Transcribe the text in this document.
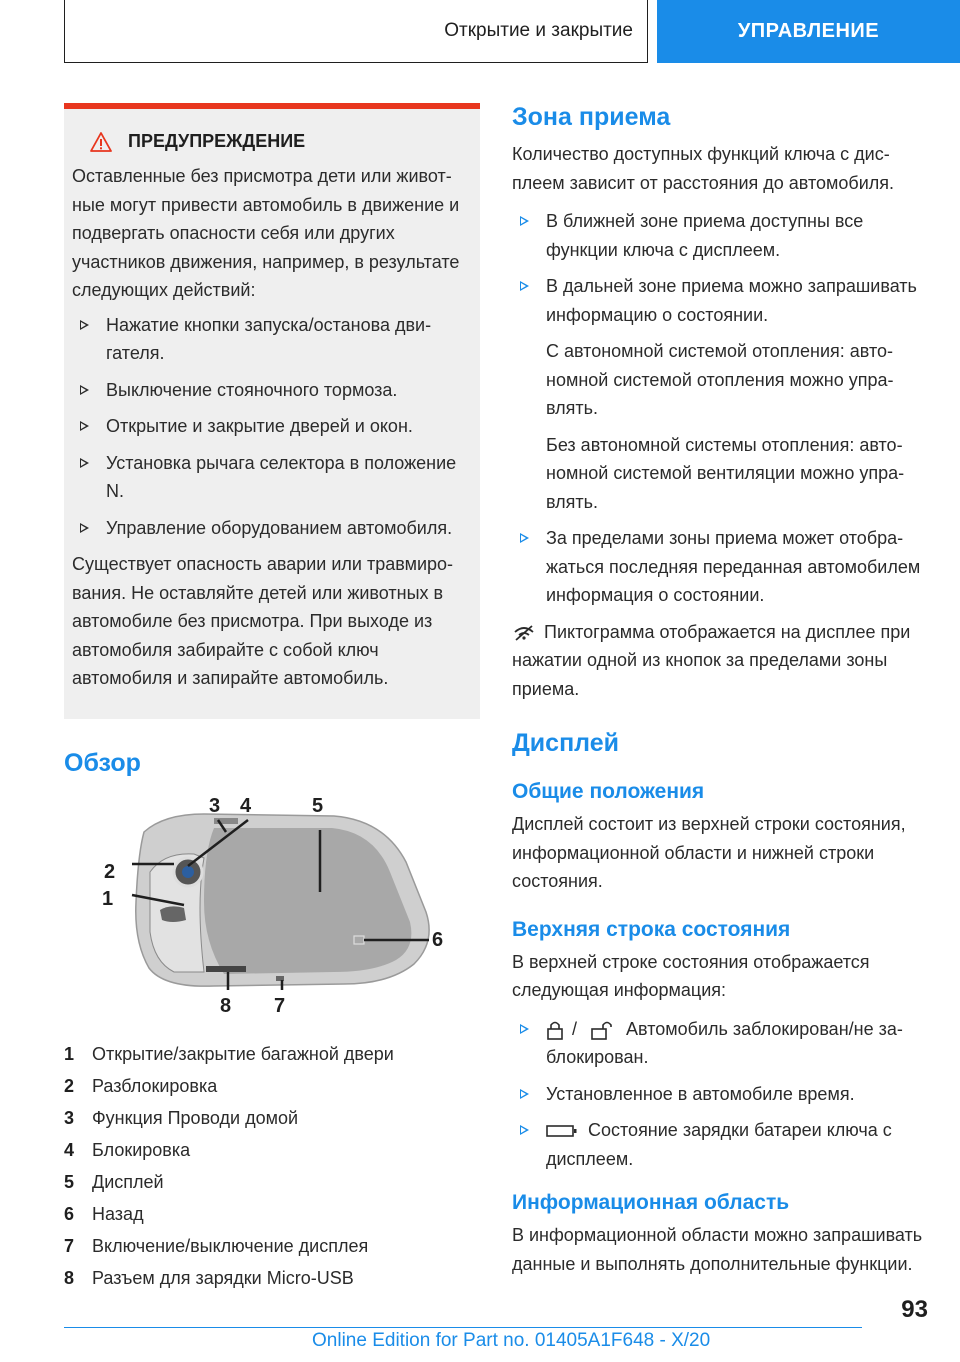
Открытие и закрытие	УПРАВЛЕНИЕ
ПРЕДУПРЕЖДЕНИЕ

Оставленные без присмотра дети или животные могут привести автомобиль в движение и подвергать опасности себя или других участников движения, например, в результате следующих действий:

Нажатие кнопки запуска/останова двигателя.
Выключение стояночного тормоза.
Открытие и закрытие дверей и окон.
Установка рычага селектора в положение N.
Управление оборудованием автомобиля.

Существует опасность аварии или травмирования. Не оставляйте детей или животных в автомобиле без присмотра. При выходе из автомобиля забирайте с собой ключ автомобиля и запирайте автомобиль.

Обзор
2
1
3 4	5
6
7
8
1 Открытие/закрытие багажной двери
2 Разблокировка
3 Функция Проводи домой
4 Блокировка
5 Дисплей
6 Назад
7 Включение/выключение дисплея
8 Разъем для зарядки Micro-USB
Зона приема

Количество доступных функций ключа с дисплеем зависит от расстояния до автомобиля.

В ближней зоне приема доступны все функции ключа с дисплеем.
В дальней зоне приема можно запрашивать информацию о состоянии.

С автономной системой отопления: автономной системой отопления можно управлять.

Без автономной системы отопления: автономной системой вентиляции можно управлять.

За пределами зоны приема может отображаться последняя переданная автомобилем информация о состоянии.

Пиктограмма отображается на дисплее при нажатии одной из кнопок за пределами зоны приема.

Дисплей
Общие положения

Дисплей состоит из верхней строки состояния, информационной области и нижней строки состояния.

Верхняя строка состояния

В верхней строке состояния отображается следующая информация:

/	Автомобиль заблокирован/не заблокирован.
Установленное в автомобиле время.
Состояние зарядки батареи ключа с дисплеем.
Информационная область

В информационной области можно запрашивать данные и выполнять дополнительные функции.

93
Online Edition for Part no. 01405A1F648 - X/20
